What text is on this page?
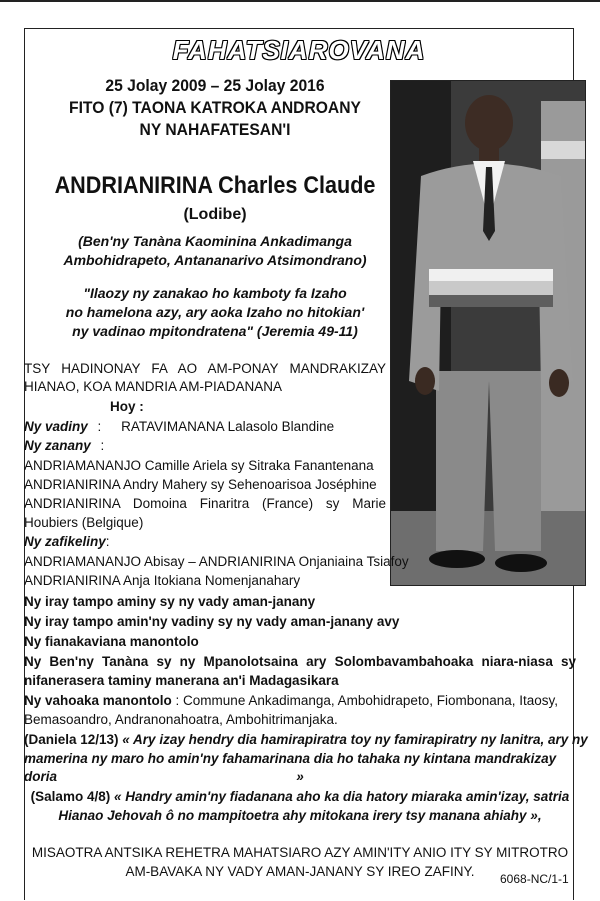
FAHATSIAROVANA
25 Jolay 2009 – 25 Jolay 2016
FITO (7) TAONA KATROKA ANDROANY
NY NAHAFATESAN'I
ANDRIANIRINA Charles Claude
(Lodibe)
(Ben'ny Tanàna Kaominina Ankadimanga
Ambohidrapeto, Antananarivo Atsimondrano)
"Ilaozy ny zanakao ho kamboty fa Izaho
no hamelona azy, ary aoka Izaho no hitokian'
ny vadinao mpitondratena" (Jeremia 49-11)
TSY HADINONAY FA AO AM-PONAY MANDRAKIZAY
HIANAO, KOA MANDRIA AM-PIADANANA
Hoy :
Ny vadiny : RATAVIMANANA Lalasolo Blandine
Ny zanany :
ANDRIAMANANJO Camille Ariela sy Sitraka Fanantenana
ANDRIANIRINA Andry Mahery sy Sehenoarisoa Joséphine
ANDRIANIRINA Domoina Finaritra (France) sy Marie
Houbiers (Belgique)
Ny zafikeliny:
ANDRIAMANANJO Abisay – ANDRIANIRINA Onjaniaina Tsiafoy
ANDRIANIRINA Anja Itokiana Nomenjanahary
Ny iray tampo aminy sy ny vady aman-janany
Ny iray tampo amin'ny vadiny sy ny vady aman-janany avy
Ny fianakaviana manontolo
Ny Ben'ny Tanàna sy ny Mpanolotsaina ary Solombavambahoaka niara-niasa sy
nifanerasera taminy manerana an'i Madagasikara
Ny vahoaka manontolo : Commune Ankadimanga, Ambohidrapeto, Fiombonana, Itaosy,
Bemasoandro, Andranonahoatra, Ambohitrimanjaka.
(Daniela 12/13) « Ary izay hendry dia hamirapiratra toy ny famirapiratry ny lanitra, ary ny
mamerina ny maro ho amin'ny fahamarinana dia ho tahaka ny kintana mandrakizay doria	»
(Salamo 4/8) « Handry amin'ny fiadanana aho ka dia hatory miaraka amin'izay, satria
Hianao Jehovah ô no mampitoetra ahy mitokana irery tsy manana ahiahy »,
MISAOTRA ANTSIKA REHETRA MAHATSIARO AZY AMIN'ITY ANIO ITY SY MITROTRO
AM-BAVAKA NY VADY AMAN-JANANY SY IREO ZAFINY.	6068-NC/1-1
